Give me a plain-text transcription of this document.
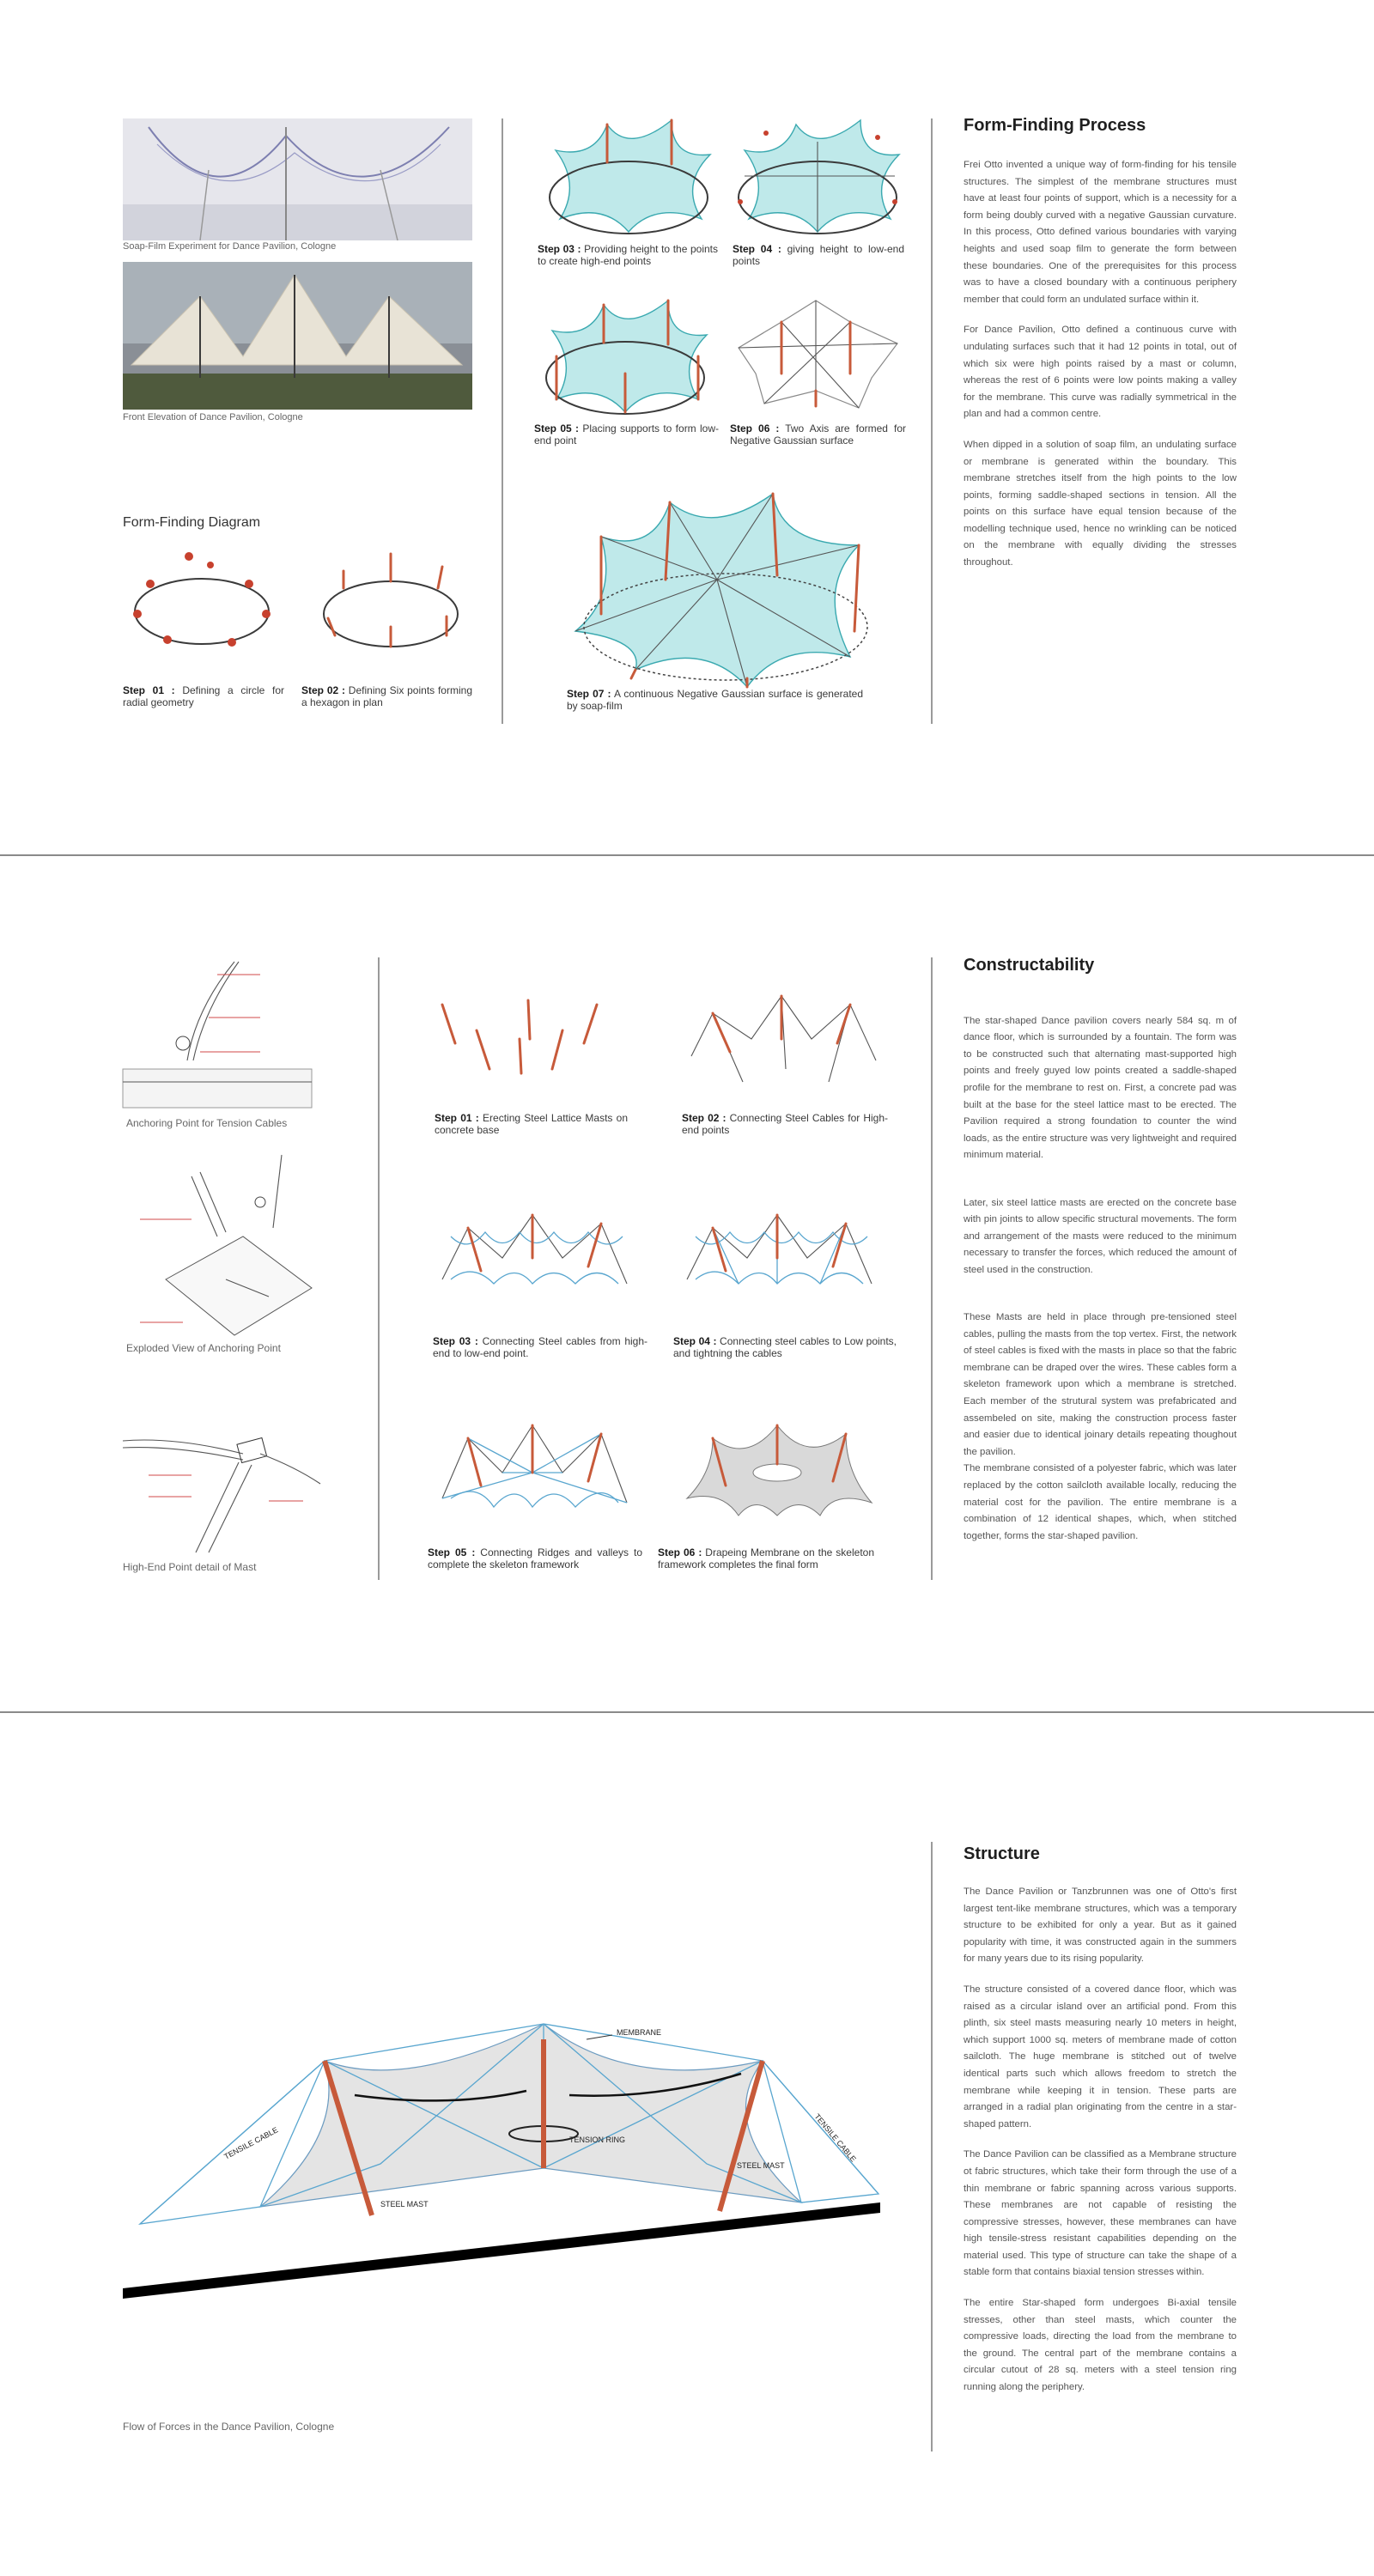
Soap-Film Experiment for Dance Pavilion, Cologne

Front Elevation of Dance Pavilion, Cologne

Form-Finding Diagram

Step 01 : Defining a circle for radial geometry

Step 02 : Defining Six points forming a hexagon in plan

Step 03 : Providing height to the points to create high-end points

Step 04 : giving height to low-end points

Step 05 : Placing supports to form low-end point

Step 06 : Two Axis are formed for Negative Gaussian surface

Step 07 : A continuous Negative Gaussian surface is generated by soap-film

Form-Finding Process

Frei Otto invented a unique way of form-finding for his tensile structures. The simplest of the membrane structures must have at least four points of support, which is a necessity for a form being doubly curved with a negative Gaussian curvature. In this process, Otto defined various boundaries with varying heights and used soap film to generate the form between these boundaries. One of the prerequisites for this process was to have a closed boundary with a continuous periphery member that could form an undulated surface within it.

For Dance Pavilion, Otto defined a continuous curve with undulating surfaces such that it had 12 points in total, out of which six were high points raised by a mast or column, whereas the rest of 6 points were low points making a valley for the membrane. This curve was radially symmetrical in the plan and had a common centre.

When dipped in a solution of soap film, an undulating surface or membrane is generated within the boundary. This membrane stretches itself from the high points to the low points, forming saddle-shaped sections in tension. All the points on this surface have equal tension because of the modelling technique used, hence no wrinkling can be noticed on the membrane with equally dividing the stresses throughout.

Anchoring Point for Tension Cables

Exploded View of Anchoring Point

High-End Point detail of Mast

Step 01 : Erecting Steel Lattice Masts on concrete base

Step 02 : Connecting Steel Cables for High-end points

Step 03 : Connecting Steel cables from high-end to low-end point.

Step 04 : Connecting steel cables to Low points, and tightning the cables

Step 05 : Connecting Ridges and valleys to complete the skeleton framework

Step 06 : Drapeing Membrane on the skeleton framework completes the final form

Constructability

The star-shaped Dance pavilion covers nearly 584 sq. m of dance floor, which is surrounded by a fountain. The form was to be constructed such that alternating mast-supported high points and freely guyed low points created a saddle-shaped profile for the membrane to rest on. First, a concrete pad was built at the base for the steel lattice mast to be erected. The Pavilion required a strong foundation to counter the wind loads, as the entire structure was very lightweight and required minimum material.

Later, six steel lattice masts are erected on the concrete base with pin joints to allow specific structural movements. The form and arrangement of the masts were reduced to the minimum necessary to transfer the forces, which reduced the amount of steel used in the construction.

These Masts are held in place through pre-tensioned steel cables, pulling the masts from the top vertex. First, the network of steel cables is fixed with the masts in place so that the fabric membrane can be draped over the wires. These cables form a skeleton framework upon which a membrane is stretched. Each member of the strutural system was prefabricated and assembeled on site, making the construction process faster and easier due to identical joinary details repeating thoughout the pavilion.
The membrane consisted of a polyester fabric, which was later replaced by the cotton sailcloth available locally, reducing the material cost for the pavilion. The entire membrane is a combination of 12 identical shapes, which, when stitched together, forms the star-shaped pavilion.

MEMBRANE
TENSILE CABLE	TENSILE CABLE
TENSION RING
STEEL MAST
STEEL MAST

Flow of Forces in the Dance Pavilion, Cologne

Structure

The Dance Pavilion or Tanzbrunnen was one of Otto's first largest tent-like membrane structures, which was a temporary structure to be exhibited for only a year. But as it gained popularity with time, it was constructed again in the summers for many years due to its rising popularity.

The structure consisted of a covered dance floor, which was raised as a circular island over an artificial pond. From this plinth, six steel masts measuring nearly 10 meters in height, which support 1000 sq. meters of membrane made of cotton sailcloth. The huge membrane is stitched out of twelve identical parts such which allows freedom to stretch the membrane while keeping it in tension. These parts are arranged in a radial plan originating from the centre in a star-shaped pattern.

The Dance Pavilion can be classified as a Membrane structure ot fabric structures, which take their form through the use of a thin membrane or fabric spanning across various supports. These membranes are not capable of resisting the compressive stresses, however, these membranes can have high tensile-stress resistant capabilities depending on the material used. This type of structure can take the shape of a stable form that contains biaxial tension stresses within.

The entire Star-shaped form undergoes Bi-axial tensile stresses, other than steel masts, which counter the compressive loads, directing the load from the membrane to the ground. The central part of the membrane contains a circular cutout of 28 sq. meters with a steel tension ring running along the periphery.
